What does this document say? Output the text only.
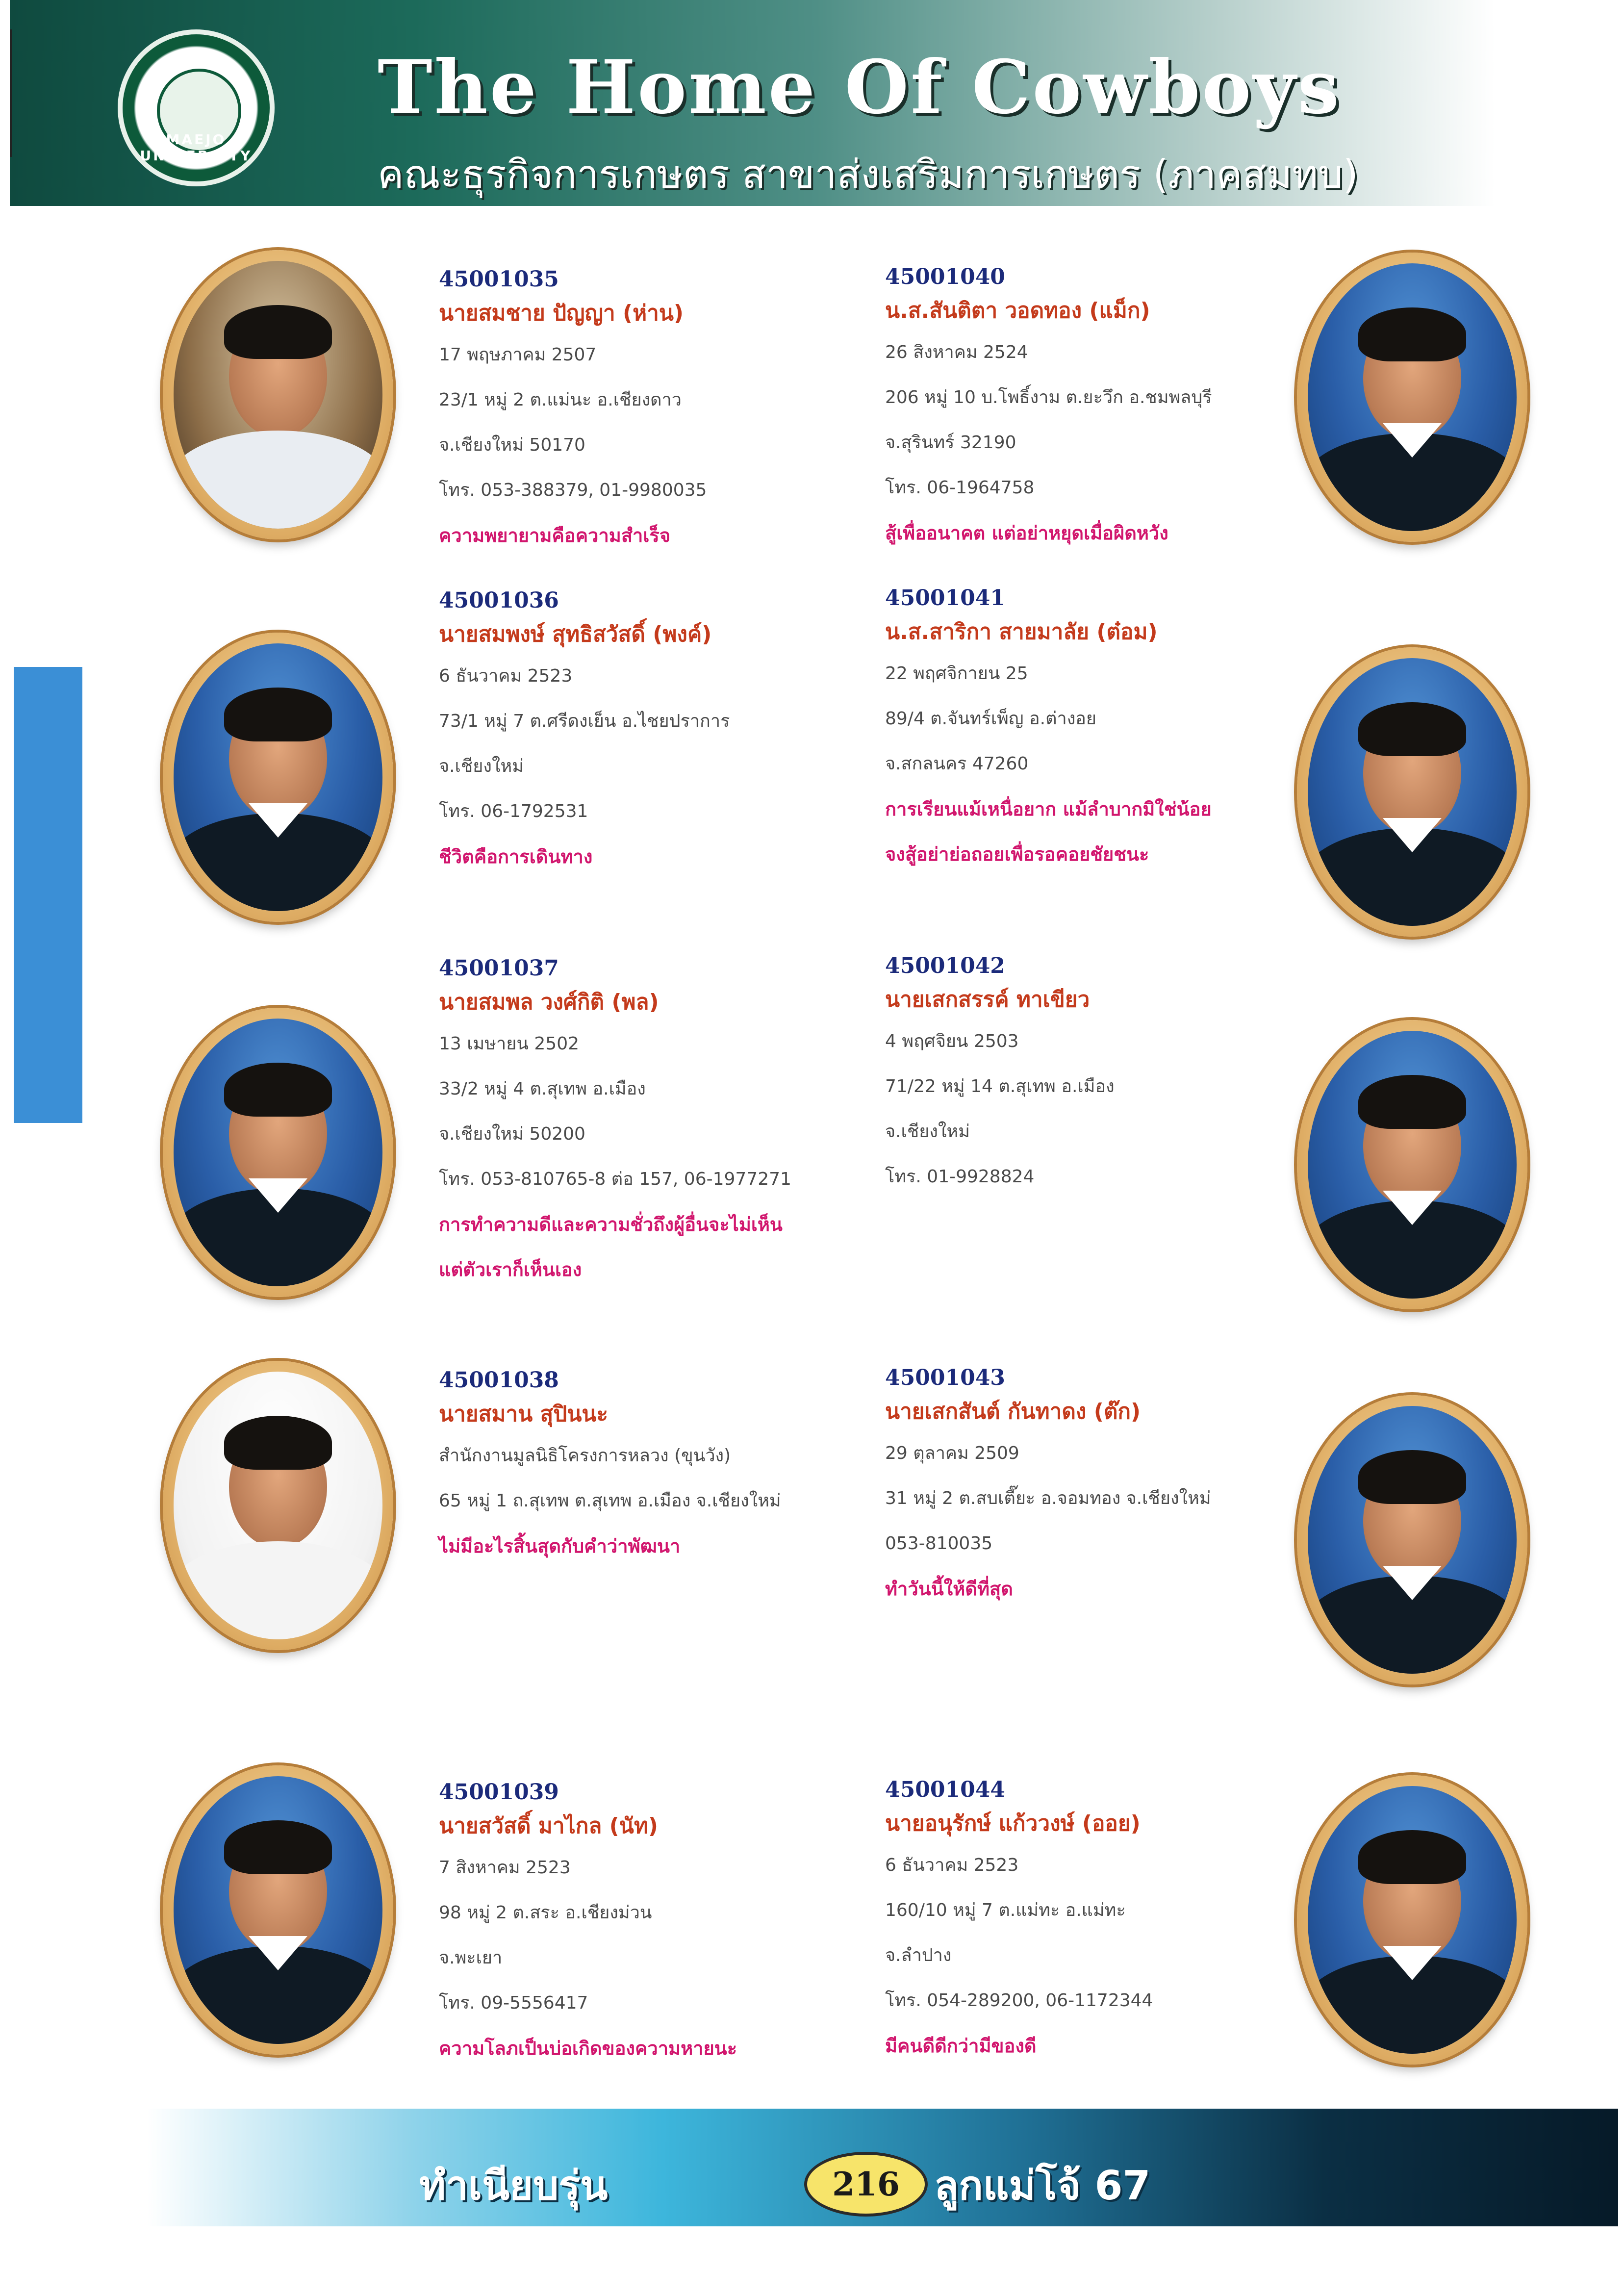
MAEJO UNIVERSITY
The Home Of Cowboys
คณะธุรกิจการเกษตร สาขาส่งเสริมการเกษตร (ภาคสมทบ)
45001035
นายสมชาย ปัญญา (ห่าน)
17 พฤษภาคม 2507
23/1 หมู่ 2 ต.แม่นะ อ.เชียงดาว
จ.เชียงใหม่ 50170
โทร. 053-388379, 01-9980035
ความพยายามคือความสำเร็จ
45001036
นายสมพงษ์ สุทธิสวัสดิ์ (พงค์)
6 ธันวาคม 2523
73/1 หมู่ 7 ต.ศรีดงเย็น อ.ไชยปราการ
จ.เชียงใหม่
โทร. 06-1792531
ชีวิตคือการเดินทาง
45001037
นายสมพล วงศ์กิติ (พล)
13 เมษายน 2502
33/2 หมู่ 4 ต.สุเทพ อ.เมือง
จ.เชียงใหม่ 50200
โทร. 053-810765-8 ต่อ 157, 06-1977271
การทำความดีและความชั่วถึงผู้อื่นจะไม่เห็น
แต่ตัวเราก็เห็นเอง
45001038
นายสมาน สุปินนะ
สำนักงานมูลนิธิโครงการหลวง (ขุนวัง)
65 หมู่ 1 ถ.สุเทพ ต.สุเทพ อ.เมือง จ.เชียงใหม่
ไม่มีอะไรสิ้นสุดกับคำว่าพัฒนา
45001039
นายสวัสดิ์ มาไกล (นัท)
7 สิงหาคม 2523
98 หมู่ 2 ต.สระ อ.เชียงม่วน
จ.พะเยา
โทร. 09-5556417
ความโลภเป็นบ่อเกิดของความหายนะ
45001040
น.ส.สันติตา วอดทอง (แม็ก)
26 สิงหาคม 2524
206 หมู่ 10 บ.โพธิ์งาม ต.ยะวึก อ.ชมพลบุรี
จ.สุรินทร์ 32190
โทร. 06-1964758
สู้เพื่ออนาคต แต่อย่าหยุดเมื่อผิดหวัง
45001041
น.ส.สาริกา สายมาลัย (ต๋อม)
22 พฤศจิกายน 25
89/4 ต.จันทร์เพ็ญ อ.ต่างอย
จ.สกลนคร 47260
การเรียนแม้เหนื่อยาก แม้ลำบากมิใช่น้อย
จงสู้อย่าย่อถอยเพื่อรอคอยชัยชนะ
45001042
นายเสกสรรค์ ทาเขียว
4 พฤศจิยน 2503
71/22 หมู่ 14 ต.สุเทพ อ.เมือง
จ.เชียงใหม่
โทร. 01-9928824
45001043
นายเสกสันต์ กันทาดง (ต๊ก)
29 ตุลาคม 2509
31 หมู่ 2 ต.สบเตี๊ยะ อ.จอมทอง จ.เชียงใหม่
053-810035
ทำวันนี้ให้ดีที่สุด
45001044
นายอนุรักษ์ แก้ววงษ์ (ออย)
6 ธันวาคม 2523
160/10 หมู่ 7 ต.แม่ทะ อ.แม่ทะ
จ.ลำปาง
โทร. 054-289200, 06-1172344
มีคนดีดีกว่ามีของดี
ทำเนียบรุ่น	216 ลูกแม่โจ้ 67
